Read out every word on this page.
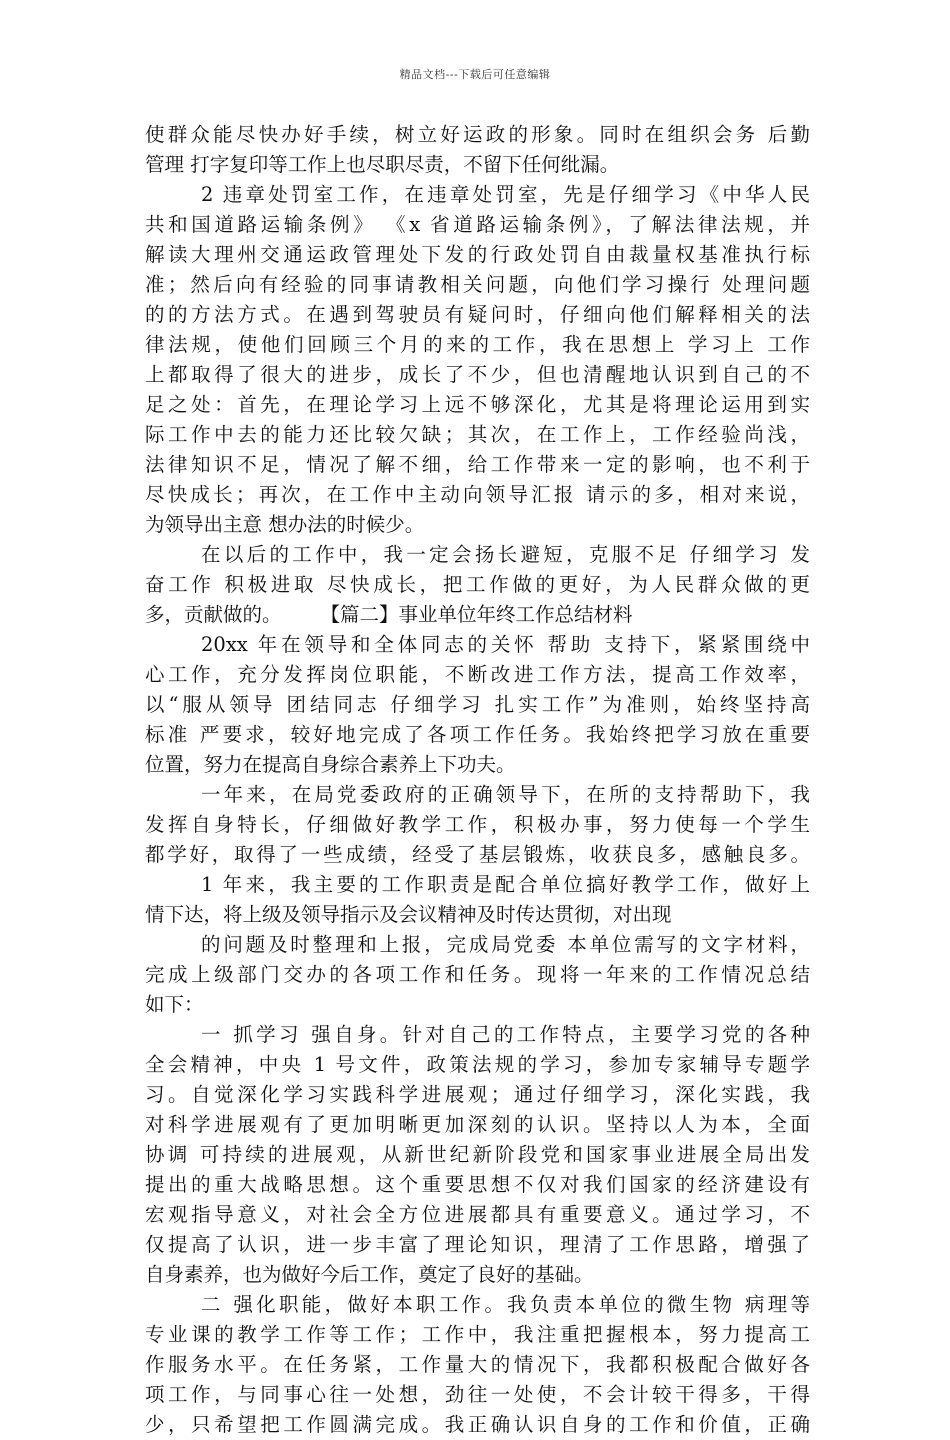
精品文档---下载后可任意编辑
使群众能尽快办好手续，树立好运政的形象。同时在组织会务 后勤
管理 打字复印等工作上也尽职尽责，不留下任何纰漏。
2 违章处罚室工作，在违章处罚室，先是仔细学习《中华人民
共和国道路运输条例》 《x 省道路运输条例》，了解法律法规，并
解读大理州交通运政管理处下发的行政处罚自由裁量权基准执行标
准；然后向有经验的同事请教相关问题，向他们学习操行 处理问题
的的方法方式。在遇到驾驶员有疑问时，仔细向他们解释相关的法
律法规，使他们回顾三个月的来的工作，我在思想上 学习上 工作
上都取得了很大的进步，成长了不少，但也清醒地认识到自己的不
足之处：首先，在理论学习上远不够深化，尤其是将理论运用到实
际工作中去的能力还比较欠缺；其次，在工作上，工作经验尚浅，
法律知识不足，情况了解不细，给工作带来一定的影响，也不利于
尽快成长；再次，在工作中主动向领导汇报 请示的多，相对来说，
为领导出主意 想办法的时候少。
在以后的工作中，我一定会扬长避短，克服不足 仔细学习 发
奋工作 积极进取 尽快成长，把工作做的更好，为人民群众做的更
多，贡献做的。　　　【篇二】事业单位年终工作总结材料
20xx 年在领导和全体同志的关怀 帮助 支持下，紧紧围绕中
心工作，充分发挥岗位职能，不断改进工作方法，提高工作效率，
以“服从领导 团结同志 仔细学习 扎实工作”为准则，始终坚持高
标准 严要求，较好地完成了各项工作任务。我始终把学习放在重要
位置，努力在提高自身综合素养上下功夫。
一年来，在局党委政府的正确领导下，在所的支持帮助下，我
发挥自身特长，仔细做好教学工作，积极办事，努力使每一个学生
都学好，取得了一些成绩，经受了基层锻炼，收获良多，感触良多。
1 年来，我主要的工作职责是配合单位搞好教学工作，做好上
情下达，将上级及领导指示及会议精神及时传达贯彻，对出现
的问题及时整理和上报，完成局党委 本单位需写的文字材料，
完成上级部门交办的各项工作和任务。现将一年来的工作情况总结
如下：
一 抓学习 强自身。针对自己的工作特点，主要学习党的各种
全会精神，中央 1 号文件，政策法规的学习，参加专家辅导专题学
习。自觉深化学习实践科学进展观；通过仔细学习，深化实践，我
对科学进展观有了更加明晰更加深刻的认识。坚持以人为本，全面
协调 可持续的进展观，从新世纪新阶段党和国家事业进展全局出发
提出的重大战略思想。这个重要思想不仅对我们国家的经济建设有
宏观指导意义，对社会全方位进展都具有重要意义。通过学习，不
仅提高了认识，进一步丰富了理论知识，理清了工作思路，增强了
自身素养，也为做好今后工作，奠定了良好的基础。
二 强化职能，做好本职工作。我负责本单位的微生物 病理等
专业课的教学工作等工作；工作中，我注重把握根本，努力提高工
作服务水平。在任务紧，工作量大的情况下，我都积极配合做好各
项工作，与同事心往一处想，劲往一处使，不会计较干得多，干得
少，只希望把工作圆满完成。我正确认识自身的工作和价值，正确
